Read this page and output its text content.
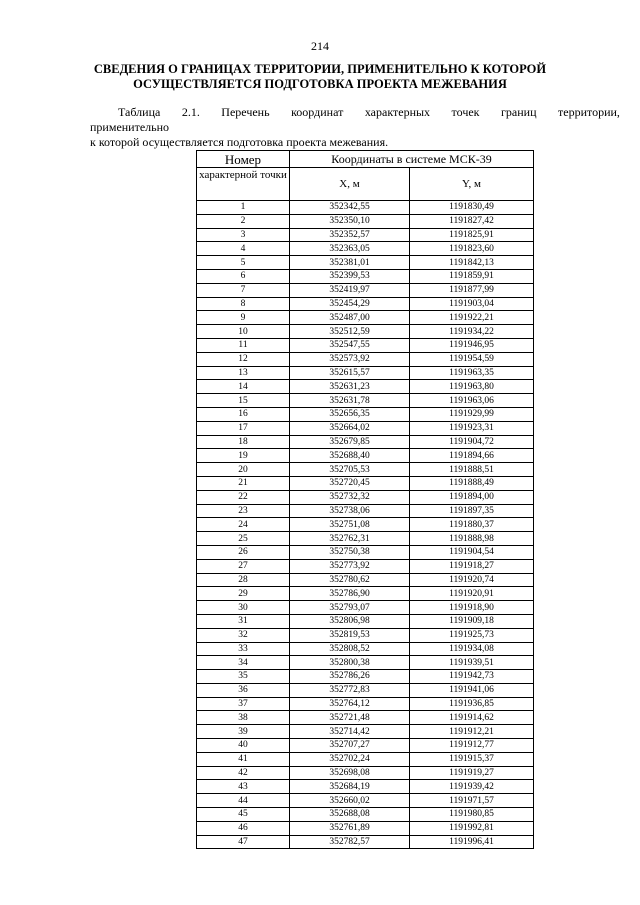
214
СВЕДЕНИЯ О ГРАНИЦАХ ТЕРРИТОРИИ, ПРИМЕНИТЕЛЬНО К КОТОРОЙ
ОСУЩЕСТВЛЯЕТСЯ ПОДГОТОВКА ПРОЕКТА МЕЖЕВАНИЯ
Таблица 2.1. Перечень координат характерных точек границ территории,
применительно
к которой осуществляется подготовка проекта межевания.
Номер	Координаты в системе МСК-39	
характерной точки	X, м	Y, м
1	352342,55	1191830,49
2	352350,10	1191827,42
3	352352,57	1191825,91
4	352363,05	1191823,60
5	352381,01	1191842,13
6	352399,53	1191859,91
7	352419,97	1191877,99
8	352454,29	1191903,04
9	352487,00	1191922,21
10	352512,59	1191934,22
11	352547,55	1191946,95
12	352573,92	1191954,59
13	352615,57	1191963,35
14	352631,23	1191963,80
15	352631,78	1191963,06
16	352656,35	1191929,99
17	352664,02	1191923,31
18	352679,85	1191904,72
19	352688,40	1191894,66
20	352705,53	1191888,51
21	352720,45	1191888,49
22	352732,32	1191894,00
23	352738,06	1191897,35
24	352751,08	1191880,37
25	352762,31	1191888,98
26	352750,38	1191904,54
27	352773,92	1191918,27
28	352780,62	1191920,74
29	352786,90	1191920,91
30	352793,07	1191918,90
31	352806,98	1191909,18
32	352819,53	1191925,73
33	352808,52	1191934,08
34	352800,38	1191939,51
35	352786,26	1191942,73
36	352772,83	1191941,06
37	352764,12	1191936,85
38	352721,48	1191914,62
39	352714,42	1191912,21
40	352707,27	1191912,77
41	352702,24	1191915,37
42	352698,08	1191919,27
43	352684,19	1191939,42
44	352660,02	1191971,57
45	352688,08	1191980,85
46	352761,89	1191992,81
47	352782,57	1191996,41
